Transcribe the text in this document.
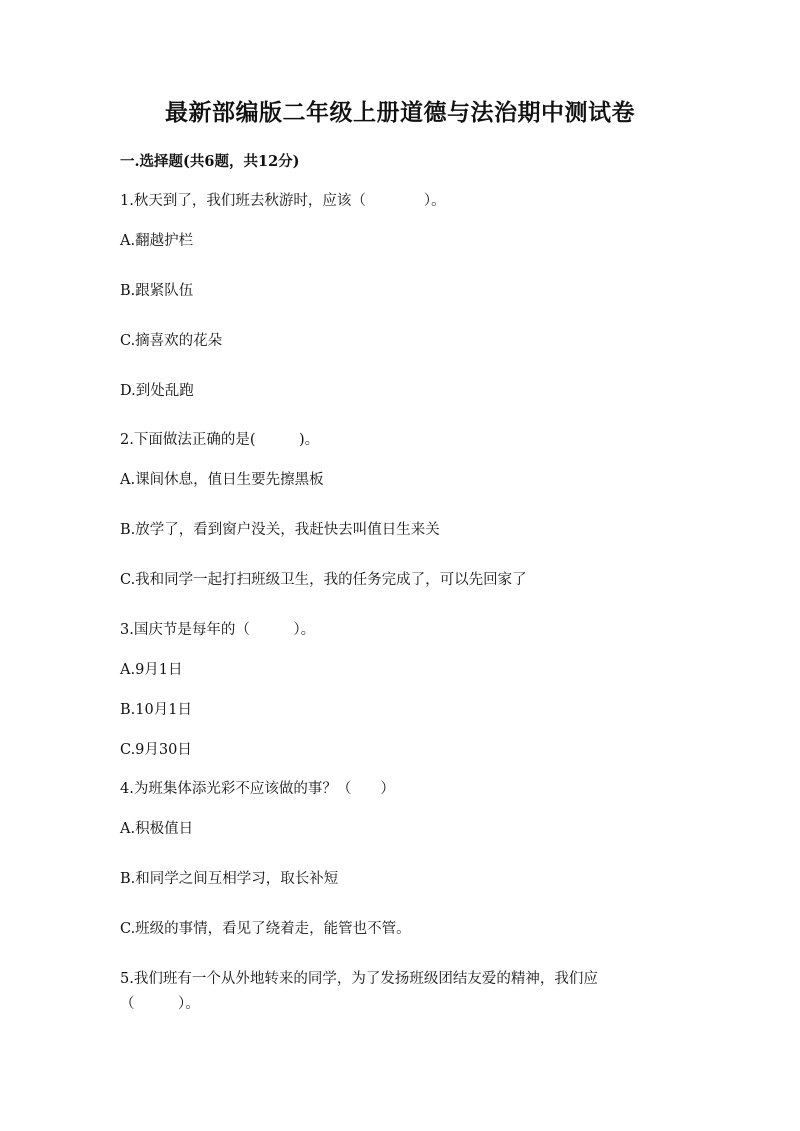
最新部编版二年级上册道德与法治期中测试卷
一.选择题(共6题，共12分)
1.秋天到了，我们班去秋游时，应该（　　　　）。
A.翻越护栏
B.跟紧队伍
C.摘喜欢的花朵
D.到处乱跑
2.下面做法正确的是(　　　)。
A.课间休息，值日生要先擦黑板
B.放学了，看到窗户没关，我赶快去叫值日生来关
C.我和同学一起打扫班级卫生，我的任务完成了，可以先回家了
3.国庆节是每年的（　　　）。
A.9月1日
B.10月1日
C.9月30日
4.为班集体添光彩不应该做的事？（　　）
A.积极值日
B.和同学之间互相学习，取长补短
C.班级的事情，看见了绕着走，能管也不管。
5.我们班有一个从外地转来的同学，为了发扬班级团结友爱的精神，我们应
（　　　）。
